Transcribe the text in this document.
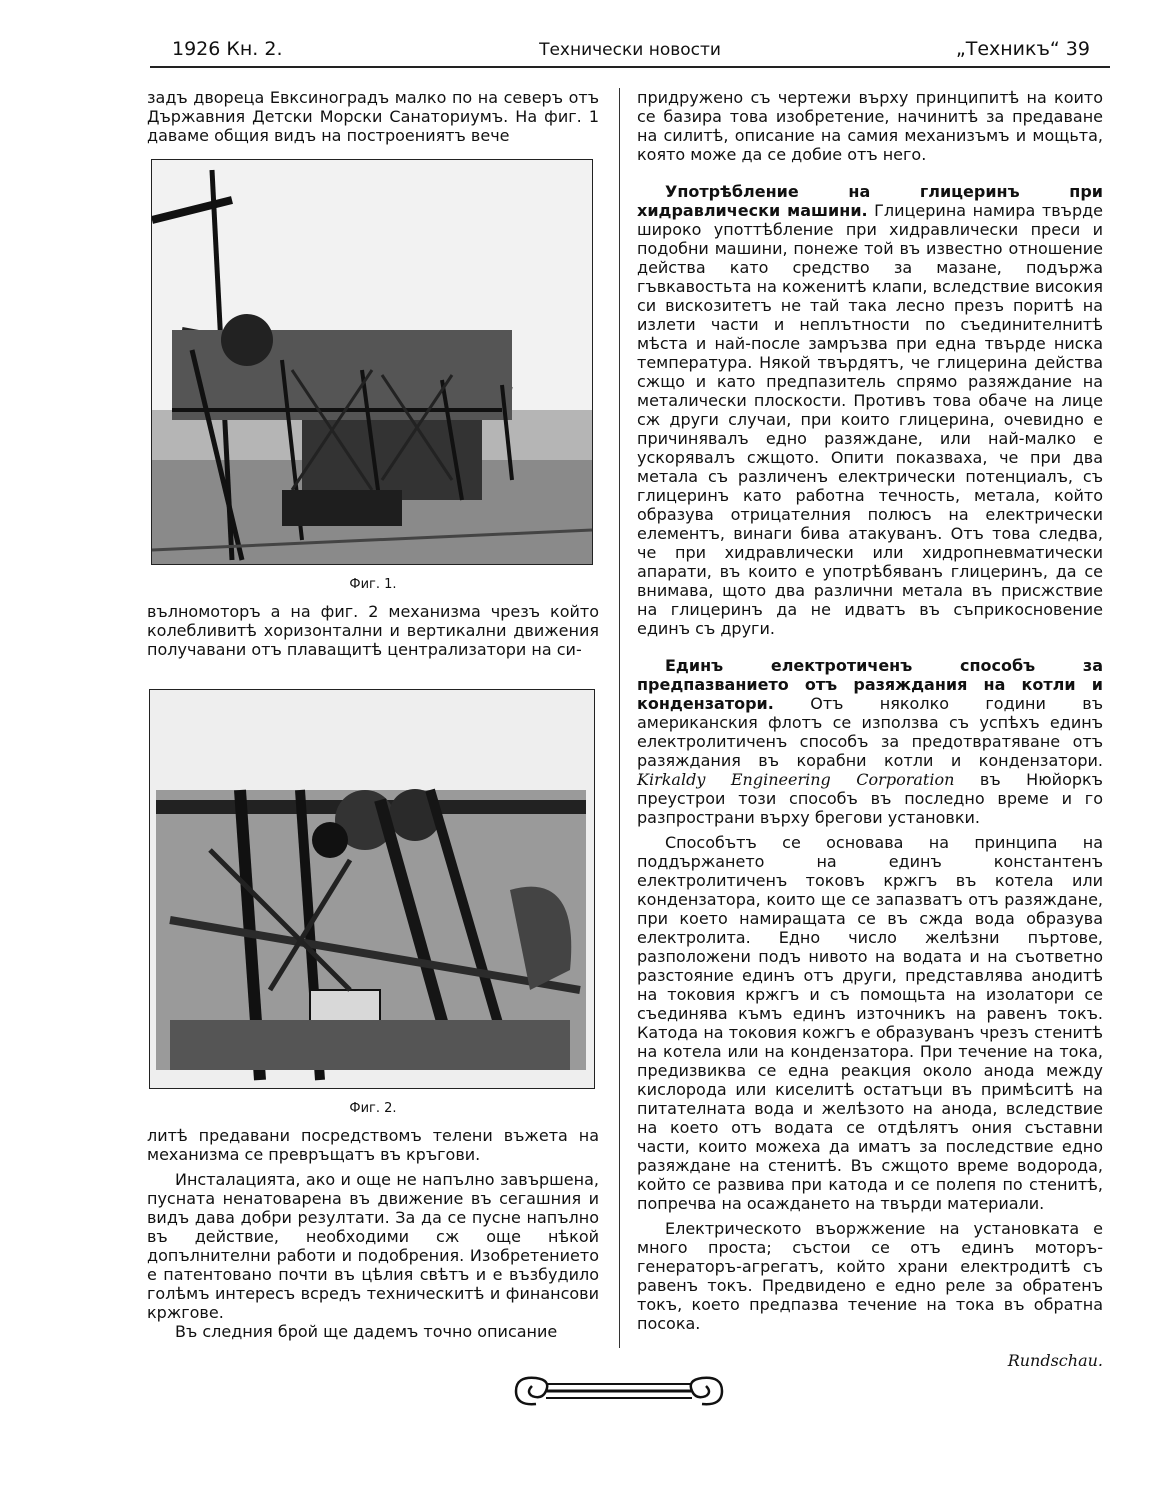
1926 Кн. 2.	Технически новости	„Техникъ“ 39

задъ двореца Евксиноградъ малко по на северъ отъ Държавния Детски Морски Санаториумъ. На фиг. 1 даваме общия видъ на построениятъ вече

Фиг. 1.

вълномоторъ а на фиг. 2 механизма чрезъ който колебливитѣ хоризонтални и вертикални движения получавани отъ плаващитѣ централизатори на си-

Фиг. 2.

литѣ предавани посредствомъ телени въжета на механизма се превръщатъ въ кръгови.

Инсталацията, ако и още не напълно завършена, пусната ненатоварена въ движение въ сегашния и видъ дава добри резултати. За да се пусне напълно въ действие, необходими сж още нѣкой допълнителни работи и подобрения. Изобретението е патентовано почти въ цѣлия свѣтъ и е възбудило голѣмъ интересъ всредъ техническитѣ и финансови кржгове.

Въ следния брой ще дадемъ точно описание

придружено съ чертежи върху принципитѣ на които се базира това изобретение, начинитѣ за предаване на силитѣ, описание на самия механизъмъ и мощьта, която може да се добие отъ него.

Употрѣбление на глицеринъ при хидравлически машини. Глицерина намира твърде широко употтѣбление при хидравлически преси и подобни машини, понеже той въ известно отношение действа като средство за мазане, подържа гъвкавостьта на коженитѣ клапи, вследствие високия си вискозитетъ не тай така лесно презъ поритѣ на излети части и неплътности по съединителнитѣ мѣста и най-после замръзва при една твърде ниска температура. Някой твърдятъ, че глицерина действа сжщо и като предпазитель спрямо разяждание на металически плоскости. Противъ това обаче на лице сж други случаи, при които глицерина, очевидно е причинявалъ едно разяждане, или най-малко е ускорявалъ сжщото. Опити показваха, че при два метала съ различенъ електрически потенциалъ, съ глицеринъ като работна течность, метала, който образува отрицателния полюсъ на електрически елементъ, винаги бива атакуванъ. Отъ това следва, че при хидравлически или хидропневматически апарати, въ които е употрѣбяванъ глицеринъ, да се внимава, щото два различни метала въ присжствие на глицеринъ да не идватъ въ съприкосновение единъ съ други.

Единъ електротиченъ способъ за предпазванието отъ разяждания на котли и кондензатори. Отъ няколко години въ американския флотъ се използва съ успѣхъ единъ електролитиченъ способъ за предотвратяване отъ разяждания въ корабни котли и кондензатори. Kirkaldy Engineering Corporation въ Нюйоркъ преустрои този способъ въ последно време и го разпространи върху брегови установки.

Способътъ се основава на принципа на поддържането на единъ константенъ електролитиченъ токовъ кржгъ въ котела или кондензатора, които ще се запазватъ отъ разяждане, при което намиращата се въ сжда вода образува електролита. Едно число желѣзни пъртове, разположени подъ нивото на водата и на съответно разстояние единъ отъ други, представлява анодитѣ на токовия кржгъ и съ помощьта на изолатори се съединява къмъ единъ източникъ на равенъ токъ. Катода на токовия кожгъ е образуванъ чрезъ стенитѣ на котела или на кондензатора. При течение на тока, предизвиква се една реакция около анода между кислорода или киселитѣ остатъци въ примѣситѣ на питателната вода и желѣзото на анода, вследствие на което отъ водата се отдѣлятъ ония съставни части, които можеха да иматъ за последствие едно разяждане на стенитѣ. Въ сжщото време водорода, който се развива при катода и се полепя по стенитѣ, попречва на осаждането на твърди материали.

Електрическото въоржжение на установката е много проста; състои се отъ единъ моторъ-генераторъ-агрегатъ, който храни електродитѣ съ равенъ токъ. Предвидено е едно реле за обратенъ токъ, което предпазва течение на тока въ обратна посока.

Rundschau.
